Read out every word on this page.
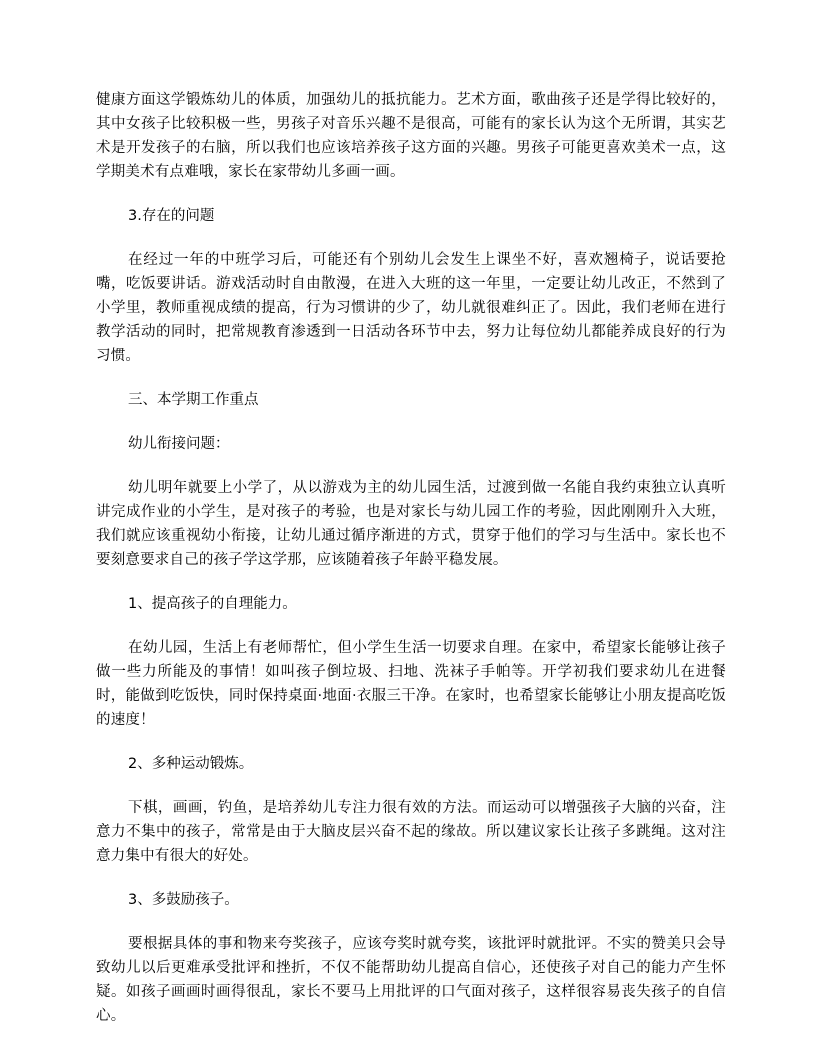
健康方面这学锻炼幼儿的体质，加强幼儿的抵抗能力。艺术方面，歌曲孩子还是学得比较好的，其中女孩子比较积极一些，男孩子对音乐兴趣不是很高，可能有的家长认为这个无所谓，其实艺术是开发孩子的右脑，所以我们也应该培养孩子这方面的兴趣。男孩子可能更喜欢美术一点，这学期美术有点难哦，家长在家带幼儿多画一画。

3.存在的问题

在经过一年的中班学习后，可能还有个别幼儿会发生上课坐不好，喜欢翘椅子，说话要抢嘴，吃饭要讲话。游戏活动时自由散漫，在进入大班的这一年里，一定要让幼儿改正，不然到了小学里，教师重视成绩的提高，行为习惯讲的少了，幼儿就很难纠正了。因此，我们老师在进行教学活动的同时，把常规教育渗透到一日活动各环节中去，努力让每位幼儿都能养成良好的行为习惯。

三、本学期工作重点

幼儿衔接问题：

幼儿明年就要上小学了，从以游戏为主的幼儿园生活，过渡到做一名能自我约束独立认真听讲完成作业的小学生，是对孩子的考验，也是对家长与幼儿园工作的考验，因此刚刚升入大班，我们就应该重视幼小衔接，让幼儿通过循序渐进的方式，贯穿于他们的学习与生活中。家长也不要刻意要求自己的孩子学这学那，应该随着孩子年龄平稳发展。

1、提高孩子的自理能力。

在幼儿园，生活上有老师帮忙，但小学生生活一切要求自理。在家中，希望家长能够让孩子做一些力所能及的事情！如叫孩子倒垃圾、扫地、洗袜子手帕等。开学初我们要求幼儿在进餐时，能做到吃饭快，同时保持桌面·地面·衣服三干净。在家时，也希望家长能够让小朋友提高吃饭的速度！

2、多种运动锻炼。

下棋，画画，钓鱼，是培养幼儿专注力很有效的方法。而运动可以增强孩子大脑的兴奋，注意力不集中的孩子，常常是由于大脑皮层兴奋不起的缘故。所以建议家长让孩子多跳绳。这对注意力集中有很大的好处。

3、多鼓励孩子。

要根据具体的事和物来夸奖孩子，应该夸奖时就夸奖，该批评时就批评。不实的赞美只会导致幼儿以后更难承受批评和挫折，不仅不能帮助幼儿提高自信心，还使孩子对自己的能力产生怀疑。如孩子画画时画得很乱，家长不要马上用批评的口气面对孩子，这样很容易丧失孩子的自信心。
